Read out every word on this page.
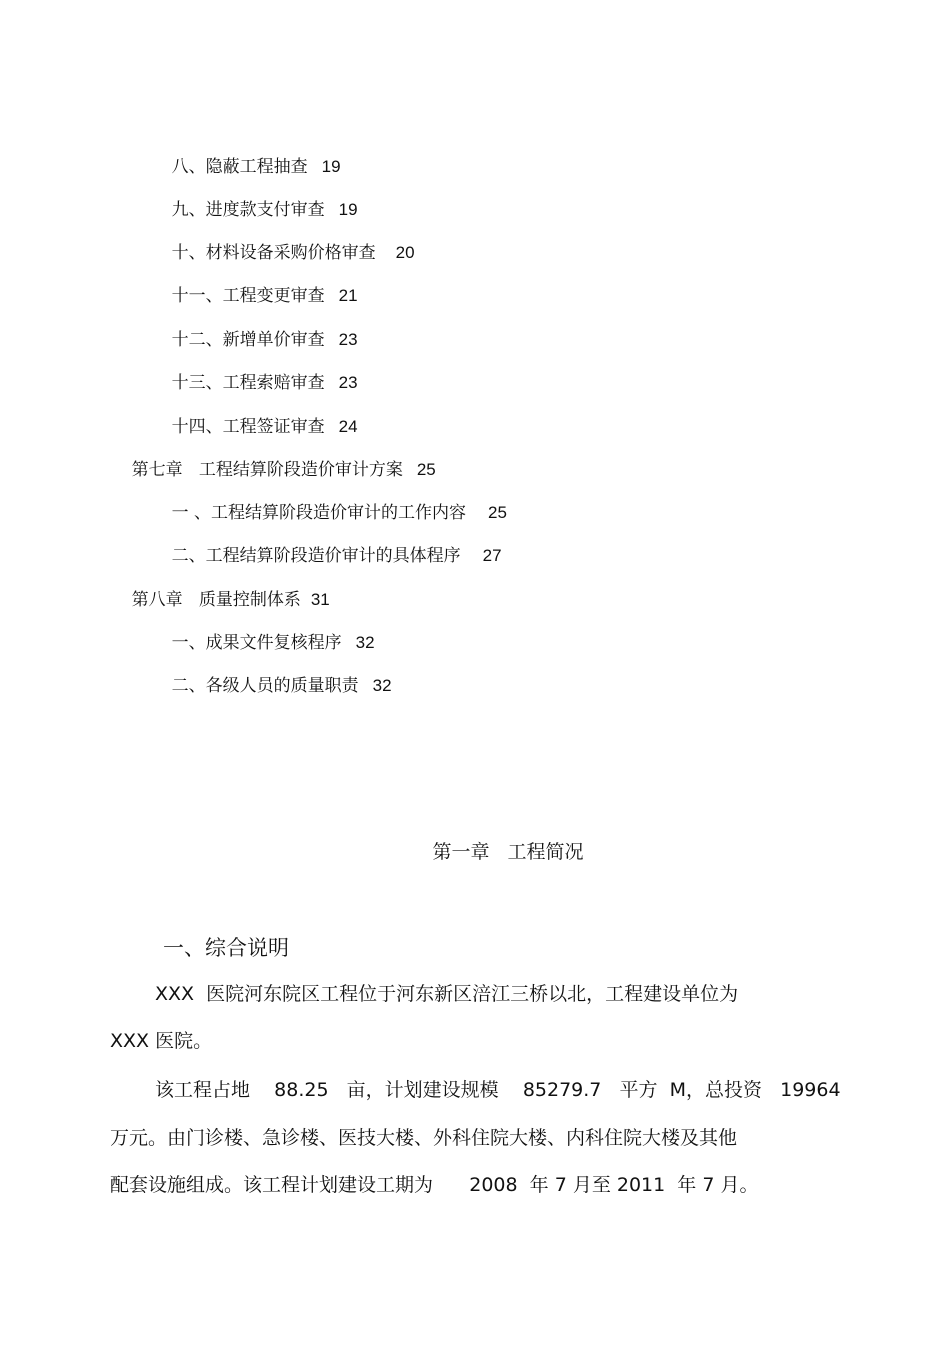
八、隐蔽工程抽查 19

九、进度款支付审查 19

十、材料设备采购价格审查 20

十一、工程变更审查 21

十二、新增单价审查 23

十三、工程索赔审查 23

十四、工程签证审查 24

第七章   工程结算阶段造价审计方案 25

一 、工程结算阶段造价审计的工作内容 25

二、工程结算阶段造价审计的具体程序 27

第八章   质量控制体系 31

一、成果文件复核程序 32

二、各级人员的质量职责 32

第一章   工程简况
一、综合说明
XXX  医院河东院区工程位于河东新区涪江三桥以北，工程建设单位为
XXX 医院。
该工程占地    88.25   亩，计划建设规模    85279.7   平方  M，总投资   19964
万元。由门诊楼、急诊楼、医技大楼、外科住院大楼、内科住院大楼及其他
配套设施组成。该工程计划建设工期为      2008  年 7 月至 2011  年 7 月。
